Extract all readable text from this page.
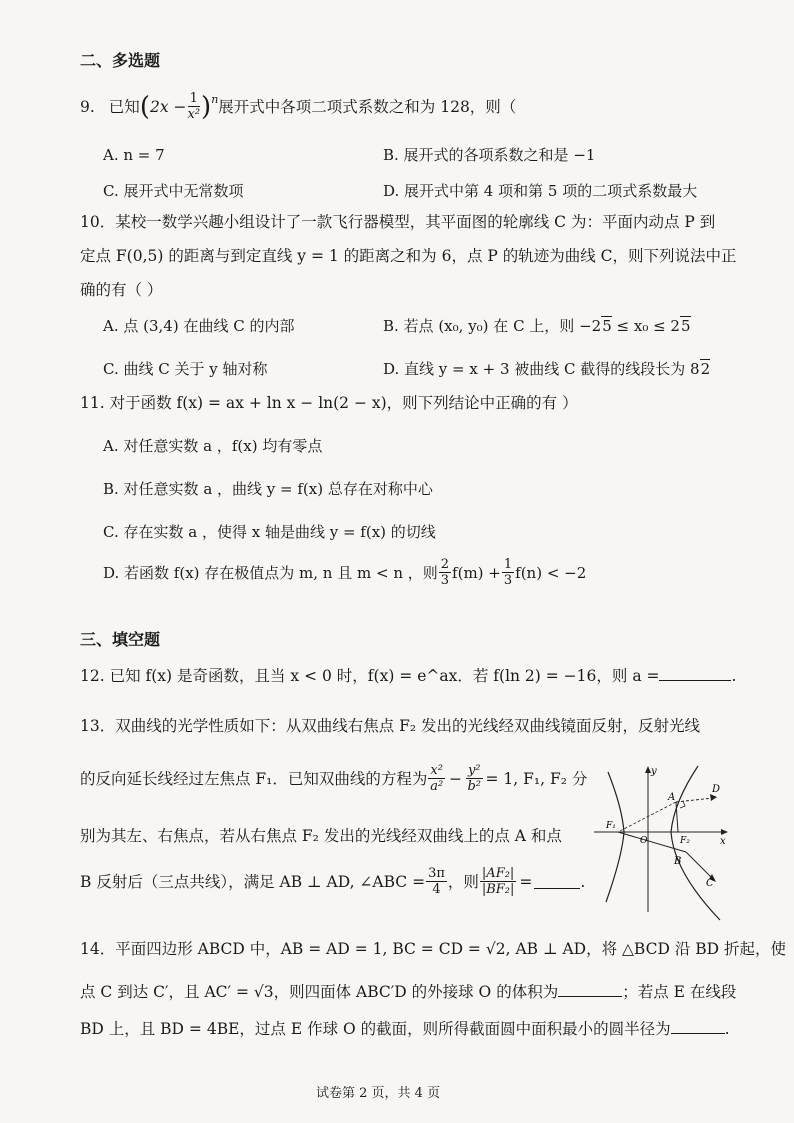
二、多选题
9. 已知 ( $2x - \frac{1}{\text{x²}}$ ) n 展开式中各项二项式系数之和为 128，则（
A. n = 7	B. 展开式的各项系数之和是 −1
C. 展开式中无常数项	D. 展开式中第 4 项和第 5 项的二项式系数最大
10．某校一数学兴趣小组设计了一款飞行器模型，其平面图的轮廓线 C 为：平面内动点 P 到
定点 F(0,5) 的距离与到定直线 y = 1 的距离之和为 6，点 P 的轨迹为曲线 C，则下列说法中正
确的有（ ）
A. 点 (3,4) 在曲线 C 的内部	B. 若点 (x₀, y₀) 在 C 上，则 −25 ≤ x₀ ≤ 25
C. 曲线 C 关于 y 轴对称	D. 直线 y = x + 3 被曲线 C 截得的线段长为 82
11. 对于函数 f(x) = ax + ln x − ln(2 − x)，则下列结论中正确的有 ）
A. 对任意实数 a ，f(x) 均有零点
B. 对任意实数 a ，曲线 y = f(x) 总存在对称中心
C. 存在实数 a ，使得 x 轴是曲线 y = f(x) 的切线
D. 若函数 f(x) 存在极值点为 m, n 且 m < n ，则 $\frac{2}{3} f(m) + \frac{1}{3} f(n) < -2$
三、填空题
12. 已知 f(x) 是奇函数，且当 x < 0 时，f(x) = e^ax．若 f(ln 2) = −16，则 a =	.
13．双曲线的光学性质如下：从双曲线右焦点 F₂ 发出的光线经双曲线镜面反射，反射光线
的反向延长线经过左焦点 F₁．已知双曲线的方程为 $\frac{\text{x²}}{\text{a²}} - \frac{\text{y²}}{\text{b²}} = 1$, F₁, F₂ 分
别为其左、右焦点，若从右焦点 F₂ 发出的光线经双曲线上的点 A 和点
B 反射后（三点共线），满足 AB ⊥ AD, ∠ABC = $\frac{3\pi}{4}$ ，则 $\frac{\text{|AF₂|}}{\text{|BF₂|}}$ =	.
y
x
O
F₁
F₂
A
B
C
D
14．平面四边形 ABCD 中，AB = AD = 1, BC = CD = √2, AB ⊥ AD，将 △BCD 沿 BD 折起，使
点 C 到达 C′，且 AC′ = √3，则四面体 ABC′D 的外接球 O 的体积为	；若点 E 在线段
BD 上，且 BD = 4BE，过点 E 作球 O 的截面，则所得截面圆中面积最小的圆半径为	.
试卷第 2 页，共 4 页
